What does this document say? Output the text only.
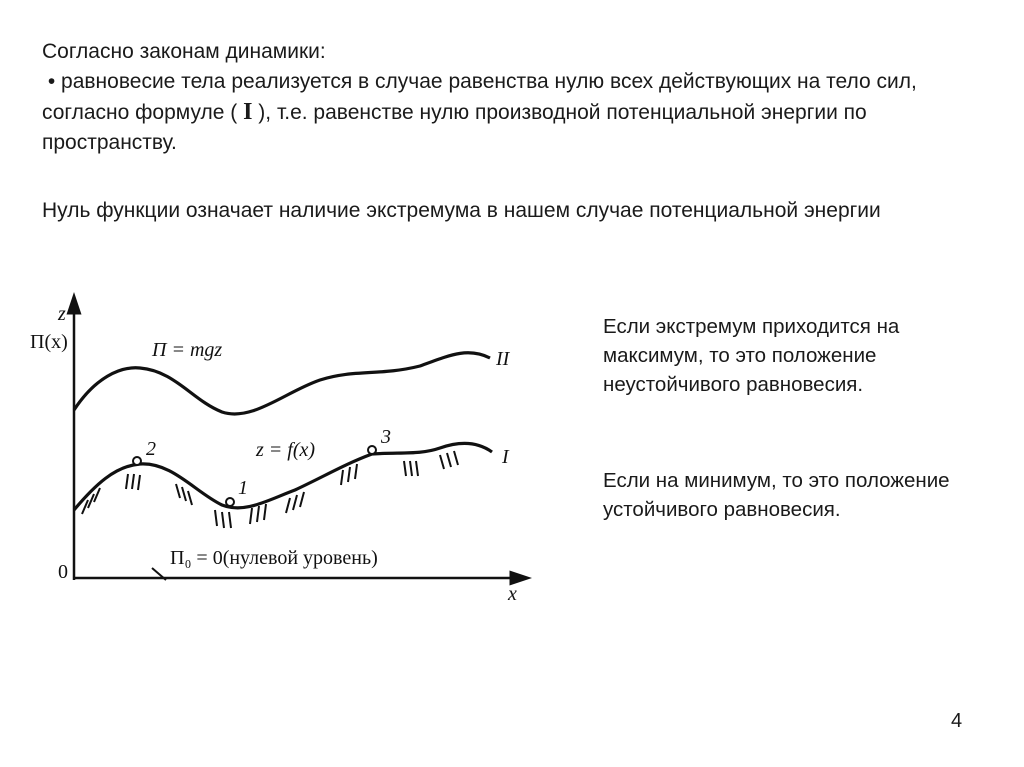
Согласно законам динамики:
• равновесие тела реализуется в случае равенства нулю всех действующих на тело сил, согласно формуле ( I ), т.е. равенстве нулю производной потенциальной энергии по пространству.

Нуль функции означает наличие экстремума в нашем случае потенциальной энергии

z
Π(x)
x
0
Π = mgz	II
z = f(x)	I
1
2
3
Π₀ = 0(нулевой уровень)

Если экстремум приходится на максимум, то это положение неустойчивого равновесия.

Если на минимум, то это положение устойчивого равновесия.

4
